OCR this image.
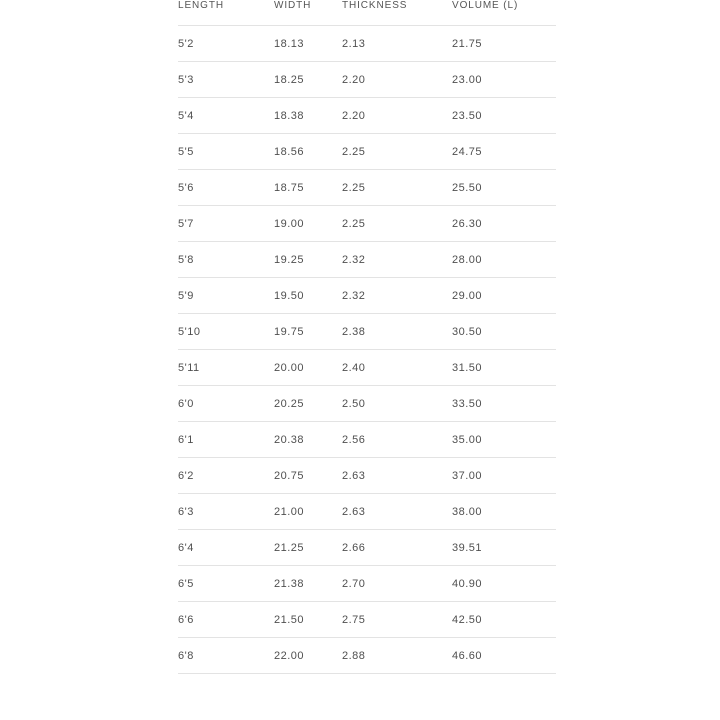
LENGTH	WIDTH	THICKNESS	VOLUME (L)
5'2	18.13	2.13	21.75
5'3	18.25	2.20	23.00
5'4	18.38	2.20	23.50
5'5	18.56	2.25	24.75
5'6	18.75	2.25	25.50
5'7	19.00	2.25	26.30
5'8	19.25	2.32	28.00
5'9	19.50	2.32	29.00
5'10	19.75	2.38	30.50
5'11	20.00	2.40	31.50
6'0	20.25	2.50	33.50
6'1	20.38	2.56	35.00
6'2	20.75	2.63	37.00
6'3	21.00	2.63	38.00
6'4	21.25	2.66	39.51
6'5	21.38	2.70	40.90
6'6	21.50	2.75	42.50
6'8	22.00	2.88	46.60
